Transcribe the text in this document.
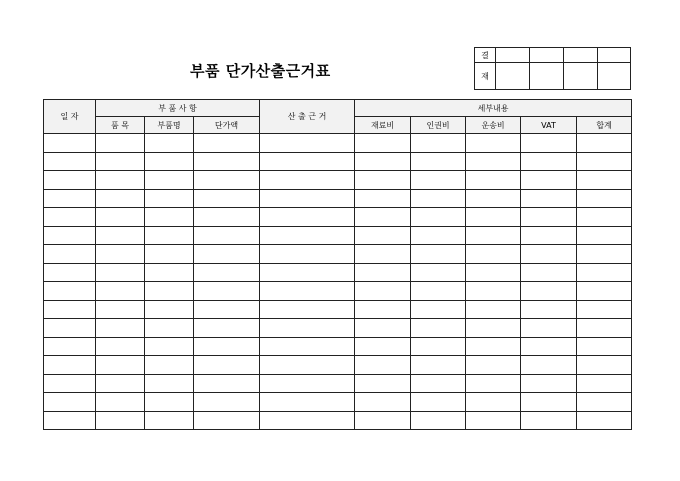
부품 단가산출근거표
결				
재				
일 자	부 품 사 항			산 출 근 거	세부내용				
	품 목	부품명	단가액		재료비	인권비	운송비	VAT	합계
